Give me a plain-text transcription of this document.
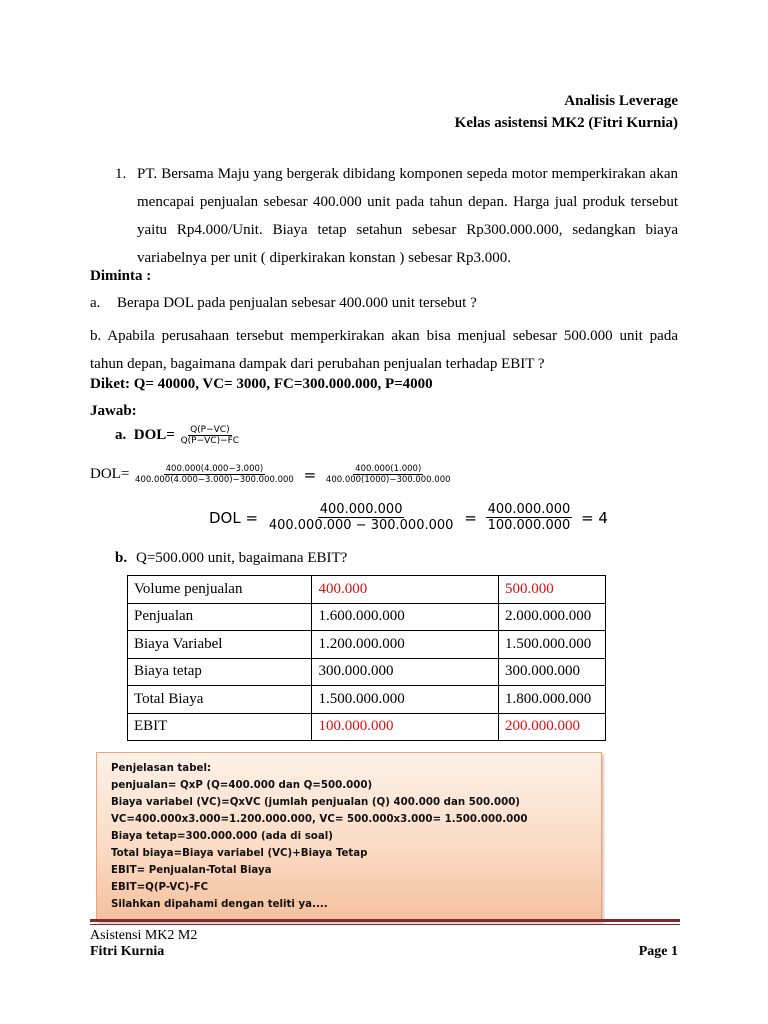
Analisis Leverage
Kelas asistensi MK2 (Fitri Kurnia)
1. PT. Bersama Maju yang bergerak dibidang komponen sepeda motor memperkirakan akan mencapai penjualan sebesar 400.000 unit pada tahun depan. Harga jual produk tersebut yaitu Rp4.000/Unit. Biaya tetap setahun sebesar Rp300.000.000, sedangkan biaya variabelnya per unit ( diperkirakan konstan ) sebesar Rp3.000.
Diminta :
a. Berapa DOL pada penjualan sebesar 400.000 unit tersebut ?
b. Apabila perusahaan tersebut memperkirakan akan bisa menjual sebesar 500.000 unit pada tahun depan, bagaimana dampak dari perubahan penjualan terhadap EBIT ?
Diket: Q= 40000, VC= 3000, FC=300.000.000, P=4000
Jawab:
a. $DOL= \frac{Q(P-VC)}{Q(P-VC)-FC}$
$DOL= \frac{400.000(4.000-3.000)}{400.000(4.000-3.000)-300.000.000} = \frac{400.000(1.000)}{400.000(1000)-300.000.000}$
DOL = $\frac{400.000.000}{400.000.000 - 300.000.000} = \frac{400.000.000}{100.000.000} = 4$
b. Q=500.000 unit, bagaimana EBIT?
Volume penjualan	400.000	500.000
Penjualan	1.600.000.000	2.000.000.000
Biaya Variabel	1.200.000.000	1.500.000.000
Biaya tetap	300.000.000	300.000.000
Total Biaya	1.500.000.000	1.800.000.000
EBIT	100.000.000	200.000.000
Penjelasan tabel:
penjualan= QxP (Q=400.000 dan Q=500.000)
Biaya variabel (VC)=QxVC (jumlah penjualan (Q) 400.000 dan 500.000)
VC=400.000x3.000=1.200.000.000, VC= 500.000x3.000= 1.500.000.000
Biaya tetap=300.000.000 (ada di soal)
Total biaya=Biaya variabel (VC)+Biaya Tetap
EBIT= Penjualan-Total Biaya
EBIT=Q(P-VC)-FC
Silahkan dipahami dengan teliti ya....
Asistensi MK2 M2
Fitri Kurnia	Page 1
